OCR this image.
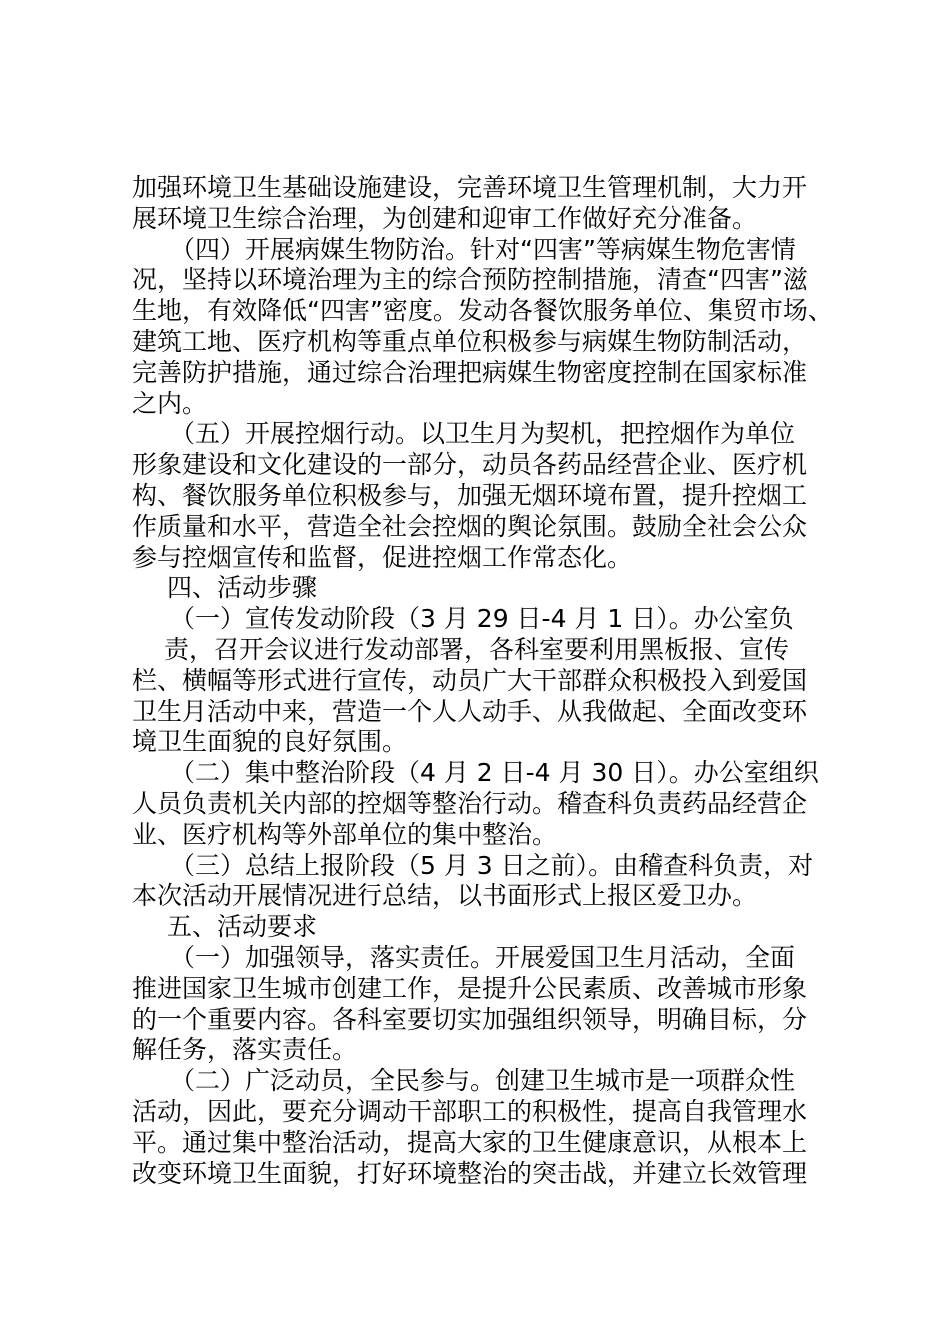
加强环境卫生基础设施建设，完善环境卫生管理机制，大力开
展环境卫生综合治理，为创建和迎审工作做好充分准备。
（四）开展病媒生物防治。针对“四害”等病媒生物危害情
况，坚持以环境治理为主的综合预防控制措施，清查“四害”滋
生地，有效降低“四害”密度。发动各餐饮服务单位、集贸市场、
建筑工地、医疗机构等重点单位积极参与病媒生物防制活动，
完善防护措施，通过综合治理把病媒生物密度控制在国家标准
之内。
（五）开展控烟行动。以卫生月为契机，把控烟作为单位
形象建设和文化建设的一部分，动员各药品经营企业、医疗机
构、餐饮服务单位积极参与，加强无烟环境布置，提升控烟工
作质量和水平，营造全社会控烟的舆论氛围。鼓励全社会公众
参与控烟宣传和监督，促进控烟工作常态化。
四、活动步骤
（一）宣传发动阶段（3 月 29 日-4 月 1 日）。办公室负
责，召开会议进行发动部署，各科室要利用黑板报、宣传
栏、横幅等形式进行宣传，动员广大干部群众积极投入到爱国
卫生月活动中来，营造一个人人动手、从我做起、全面改变环
境卫生面貌的良好氛围。
（二）集中整治阶段（4 月 2 日-4 月 30 日）。办公室组织
人员负责机关内部的控烟等整治行动。稽查科负责药品经营企
业、医疗机构等外部单位的集中整治。
（三）总结上报阶段（5 月 3 日之前）。由稽查科负责，对
本次活动开展情况进行总结，以书面形式上报区爱卫办。
五、活动要求
（一）加强领导，落实责任。开展爱国卫生月活动，全面
推进国家卫生城市创建工作，是提升公民素质、改善城市形象
的一个重要内容。各科室要切实加强组织领导，明确目标，分
解任务，落实责任。
（二）广泛动员，全民参与。创建卫生城市是一项群众性
活动，因此，要充分调动干部职工的积极性，提高自我管理水
平。通过集中整治活动，提高大家的卫生健康意识，从根本上
改变环境卫生面貌，打好环境整治的突击战，并建立长效管理
